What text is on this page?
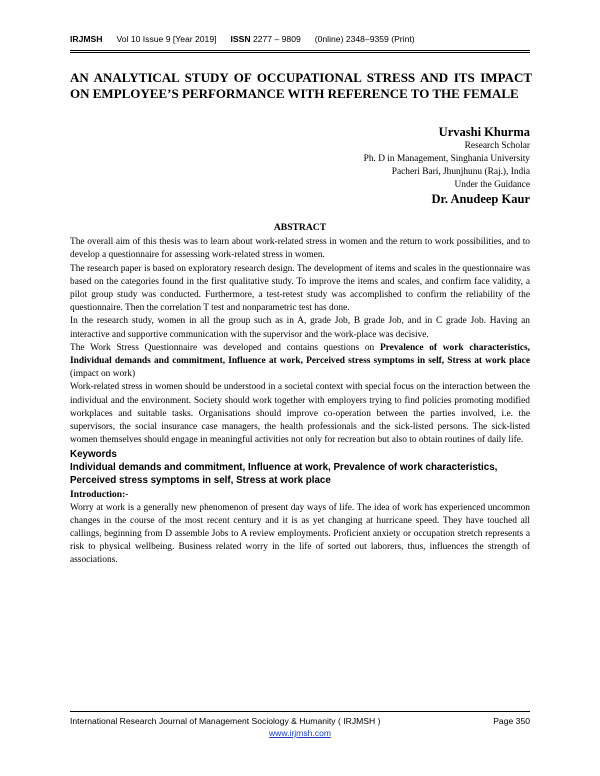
IRJMSH Vol 10 Issue 9 [Year 2019] ISSN 2277 – 9809 (0nline) 2348–9359 (Print)
AN ANALYTICAL STUDY OF OCCUPATIONAL STRESS AND ITS IMPACT ON EMPLOYEE’S PERFORMANCE WITH REFERENCE TO THE FEMALE
Urvashi Khurma
Research Scholar
Ph. D in Management, Singhania University
Pacheri Bari, Jhunjhunu (Raj.), India
Under the Guidance
Dr. Anudeep Kaur
ABSTRACT

The overall aim of this thesis was to learn about work-related stress in women and the return to work possibilities, and to develop a questionnaire for assessing work-related stress in women.

The research paper is based on exploratory research design. The development of items and scales in the questionnaire was based on the categories found in the first qualitative study. To improve the items and scales, and confirm face validity, a pilot group study was conducted. Furthermore, a test-retest study was accomplished to confirm the reliability of the questionnaire. Then the correlation T test and nonparametric test has done.

In the research study, women in all the group such as in A, grade Job, B grade Job, and in C grade Job. Having an interactive and supportive communication with the supervisor and the work-place was decisive.

The Work Stress Questionnaire was developed and contains questions on Prevalence of work characteristics, Individual demands and commitment, Influence at work, Perceived stress symptoms in self, Stress at work place (impact on work)

Work-related stress in women should be understood in a societal context with special focus on the interaction between the individual and the environment. Society should work together with employers trying to find policies promoting modified workplaces and suitable tasks. Organisations should improve co-operation between the parties involved, i.e. the supervisors, the social insurance case managers, the health professionals and the sick-listed persons. The sick-listed women themselves should engage in meaningful activities not only for recreation but also to obtain routines of daily life.

Keywords
Individual demands and commitment, Influence at work, Prevalence of work characteristics, Perceived stress symptoms in self, Stress at work place
Introduction:-

Worry at work is a generally new phenomenon of present day ways of life. The idea of work has experienced uncommon changes in the course of the most recent century and it is as yet changing at hurricane speed. They have touched all callings, beginning from D assemble Jobs to A review employments. Proficient anxiety or occupation stretch represents a risk to physical wellbeing. Business related worry in the life of sorted out laborers, thus, influences the strength of associations.

International Research Journal of Management Sociology & Humanity ( IRJMSH )	Page 350
www.irjmsh.com
